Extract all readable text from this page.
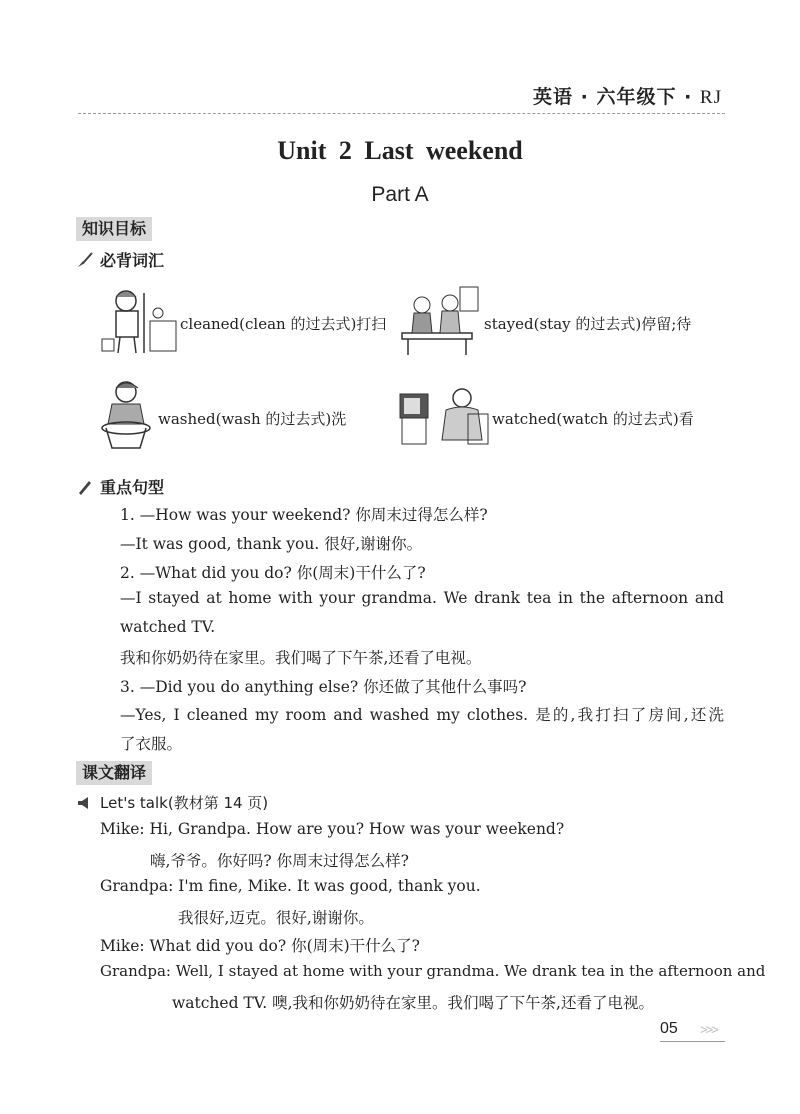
英语 · 六年级下 · RJ
Unit 2 Last weekend
Part A
知识目标
必背词汇
cleaned(clean 的过去式)打扫	stayed(stay 的过去式)停留;待
washed(wash 的过去式)洗	watched(watch 的过去式)看
重点句型
1. —How was your weekend? 你周末过得怎么样?
—It was good, thank you. 很好,谢谢你。
2. —What did you do? 你(周末)干什么了?
—I stayed at home with your grandma. We drank tea in the afternoon and
watched TV.
我和你奶奶待在家里。我们喝了下午茶,还看了电视。
3. —Did you do anything else? 你还做了其他什么事吗?
—Yes, I cleaned my room and washed my clothes. 是的,我打扫了房间,还洗
了衣服。
课文翻译
Let's talk(教材第 14 页)
Mike: Hi, Grandpa. How are you? How was your weekend?
嗨,爷爷。你好吗? 你周末过得怎么样?
Grandpa: I'm fine, Mike. It was good, thank you.
我很好,迈克。很好,谢谢你。
Mike: What did you do? 你(周末)干什么了?
Grandpa: Well, I stayed at home with your grandma. We drank tea in the afternoon and
watched TV. 噢,我和你奶奶待在家里。我们喝了下午茶,还看了电视。
05 >>>
